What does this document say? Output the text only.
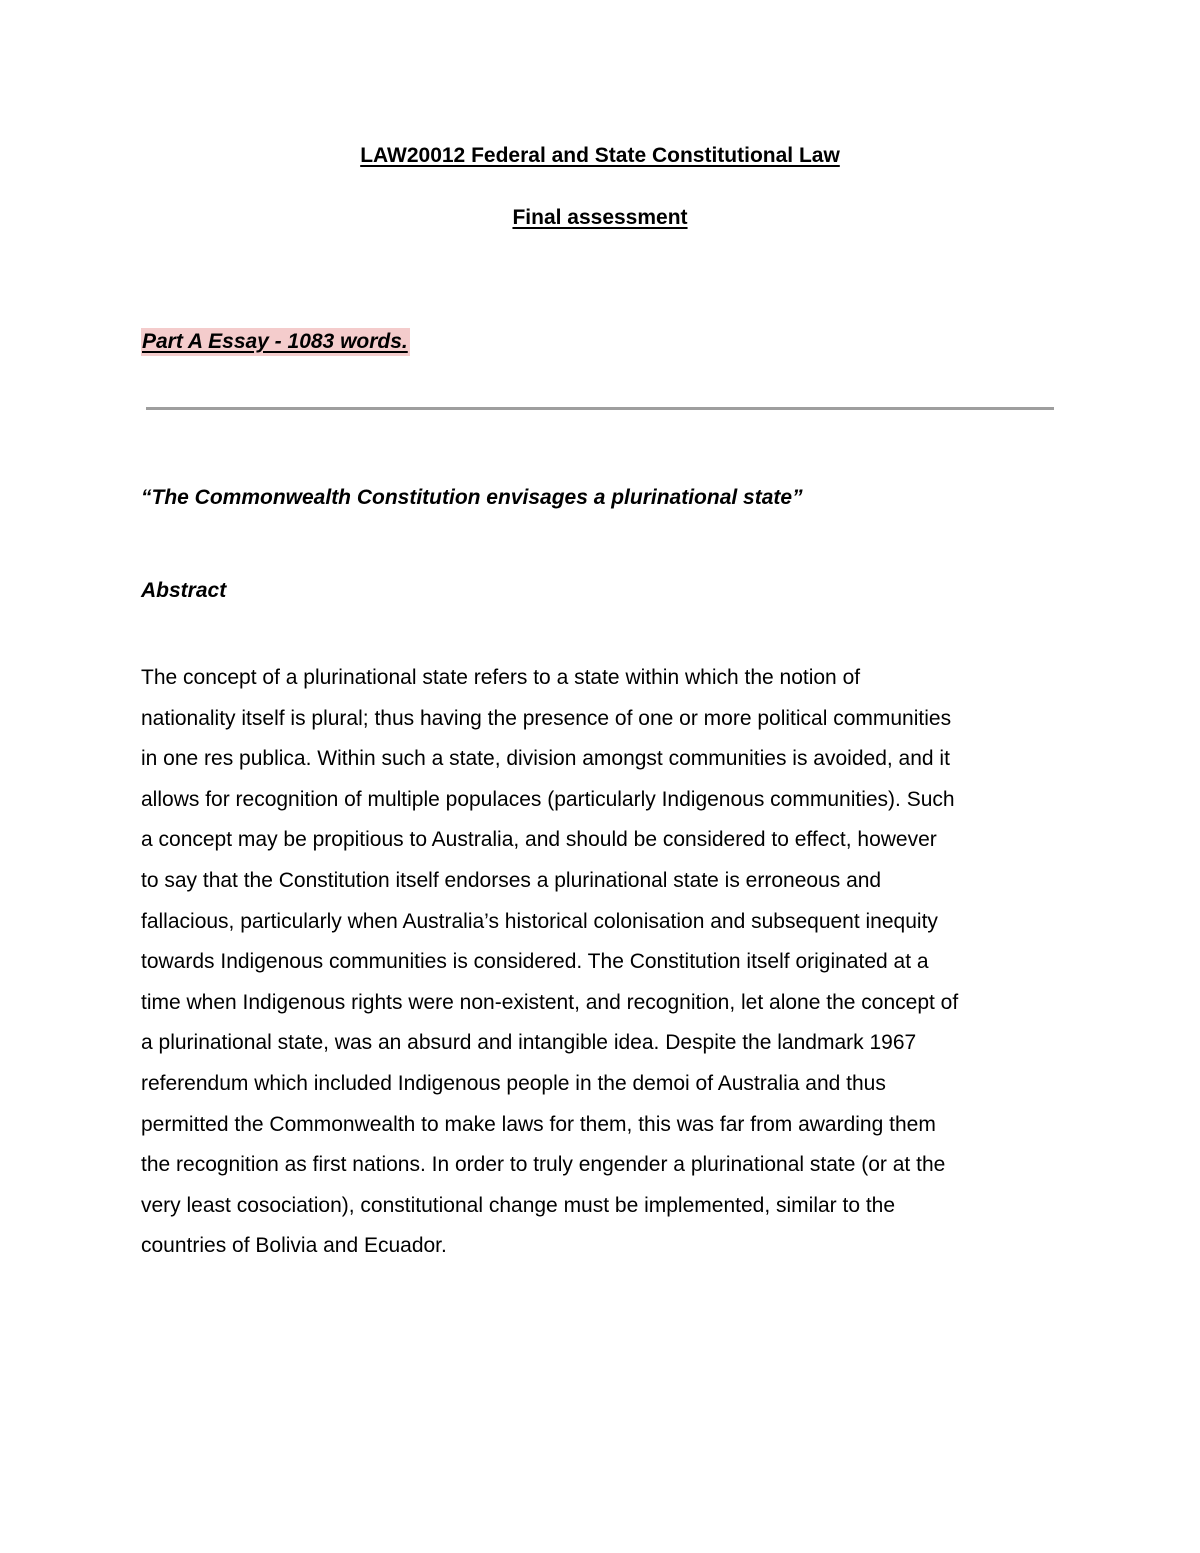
LAW20012 Federal and State Constitutional Law
Final assessment
Part A Essay - 1083 words.
“The Commonwealth Constitution envisages a plurinational state”
Abstract
The concept of a plurinational state refers to a state within which the notion of
nationality itself is plural; thus having the presence of one or more political communities
in one res publica. Within such a state, division amongst communities is avoided, and it
allows for recognition of multiple populaces (particularly Indigenous communities). Such
a concept may be propitious to Australia, and should be considered to effect, however
to say that the Constitution itself endorses a plurinational state is erroneous and
fallacious, particularly when Australia’s historical colonisation and subsequent inequity
towards Indigenous communities is considered. The Constitution itself originated at a
time when Indigenous rights were non-existent, and recognition, let alone the concept of
a plurinational state, was an absurd and intangible idea. Despite the landmark 1967
referendum which included Indigenous people in the demoi of Australia and thus
permitted the Commonwealth to make laws for them, this was far from awarding them
the recognition as first nations. In order to truly engender a plurinational state (or at the
very least cosociation), constitutional change must be implemented, similar to the
countries of Bolivia and Ecuador.
